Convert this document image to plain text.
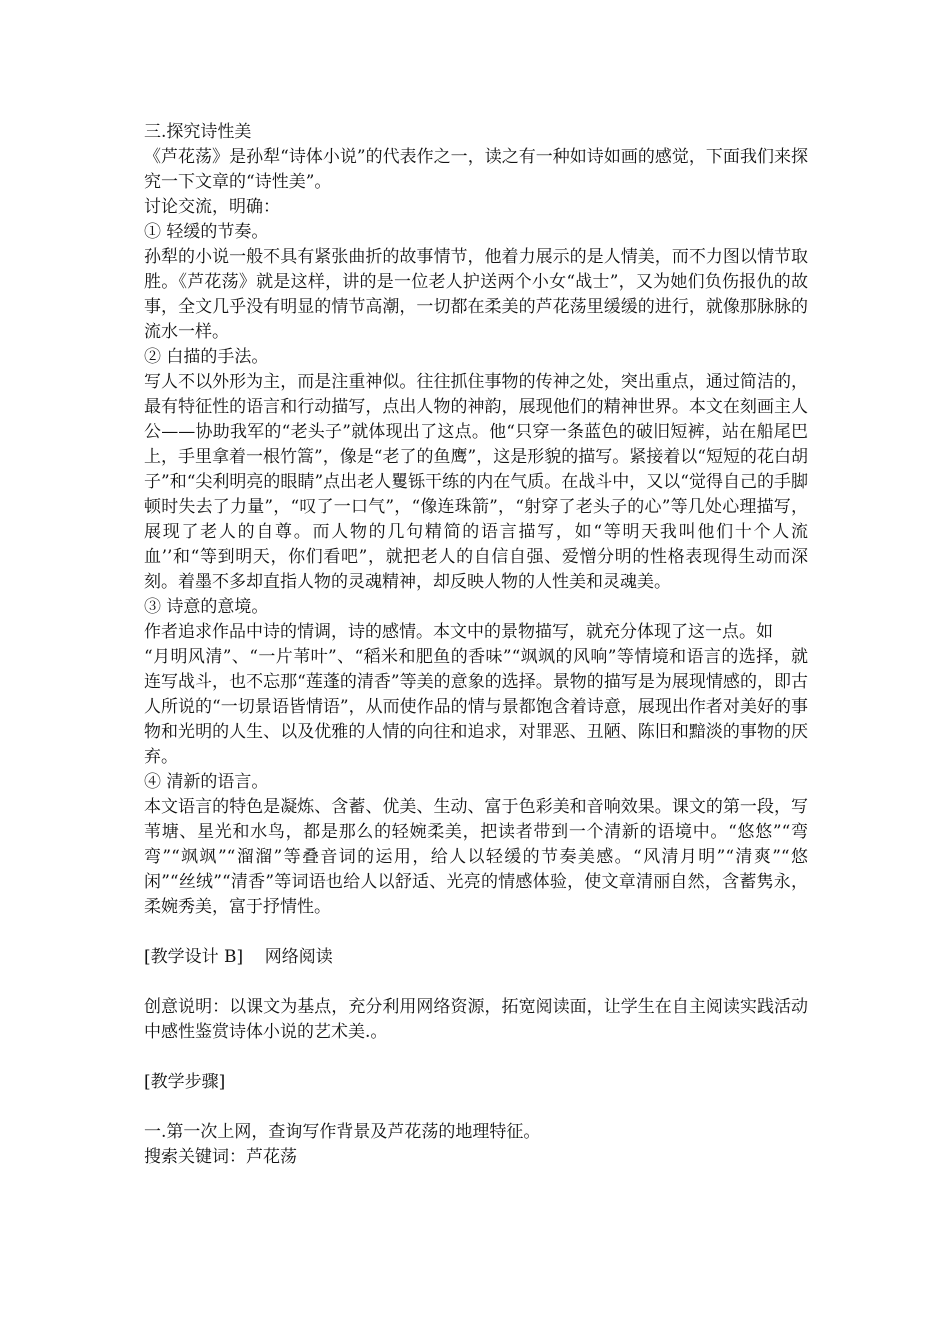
三.探究诗性美

《芦花荡》是孙犁“诗体小说”的代表作之一，读之有一种如诗如画的感觉，下面我们来探究一下文章的“诗性美”。

讨论交流，明确：

① 轻缓的节奏。

孙犁的小说一般不具有紧张曲折的故事情节，他着力展示的是人情美，而不力图以情节取胜。《芦花荡》就是这样，讲的是一位老人护送两个小女“战士”，又为她们负伤报仇的故事，全文几乎没有明显的情节高潮，一切都在柔美的芦花荡里缓缓的进行，就像那脉脉的流水一样。

② 白描的手法。

写人不以外形为主，而是注重神似。往往抓住事物的传神之处，突出重点，通过简洁的，最有特征性的语言和行动描写，点出人物的神韵，展现他们的精神世界。本文在刻画主人公——协助我军的“老头子”就体现出了这点。他“只穿一条蓝色的破旧短裤，站在船尾巴上，手里拿着一根竹篙”，像是“老了的鱼鹰”，这是形貌的描写。紧接着以“短短的花白胡子”和“尖利明亮的眼睛”点出老人矍铄干练的内在气质。在战斗中，又以“觉得自己的手脚顿时失去了力量”，“叹了一口气”，“像连珠箭”，“射穿了老头子的心”等几处心理描写，展现了老人的自尊。而人物的几句精简的语言描写，如“等明天我叫他们十个人流血’’和“等到明天，你们看吧”，就把老人的自信自强、爱憎分明的性格表现得生动而深刻。着墨不多却直指人物的灵魂精神，却反映人物的人性美和灵魂美。

③ 诗意的意境。

作者追求作品中诗的情调，诗的感情。本文中的景物描写，就充分体现了这一点。如

“月明风清”、“一片苇叶”、“稻米和肥鱼的香味”“飒飒的风响”等情境和语言的选择，就连写战斗，也不忘那“莲蓬的清香”等美的意象的选择。景物的描写是为展现情感的，即古人所说的“一切景语皆情语”，从而使作品的情与景都饱含着诗意，展现出作者对美好的事物和光明的人生、以及优雅的人情的向往和追求，对罪恶、丑陋、陈旧和黯淡的事物的厌弃。

④ 清新的语言。

本文语言的特色是凝炼、含蓄、优美、生动、富于色彩美和音响效果。课文的第一段，写苇塘、星光和水鸟，都是那么的轻婉柔美，把读者带到一个清新的语境中。“悠悠”“弯弯”“飒飒”“溜溜”等叠音词的运用，给人以轻缓的节奏美感。“风清月明”“清爽”“悠闲”“丝绒”“清香”等词语也给人以舒适、光亮的情感体验，使文章清丽自然，含蓄隽永，柔婉秀美，富于抒情性。

[教学设计 B]    网络阅读

创意说明：以课文为基点，充分利用网络资源，拓宽阅读面，让学生在自主阅读实践活动中感性鉴赏诗体小说的艺术美.。

[教学步骤]

一.第一次上网，查询写作背景及芦花荡的地理特征。

搜索关键词：芦花荡
